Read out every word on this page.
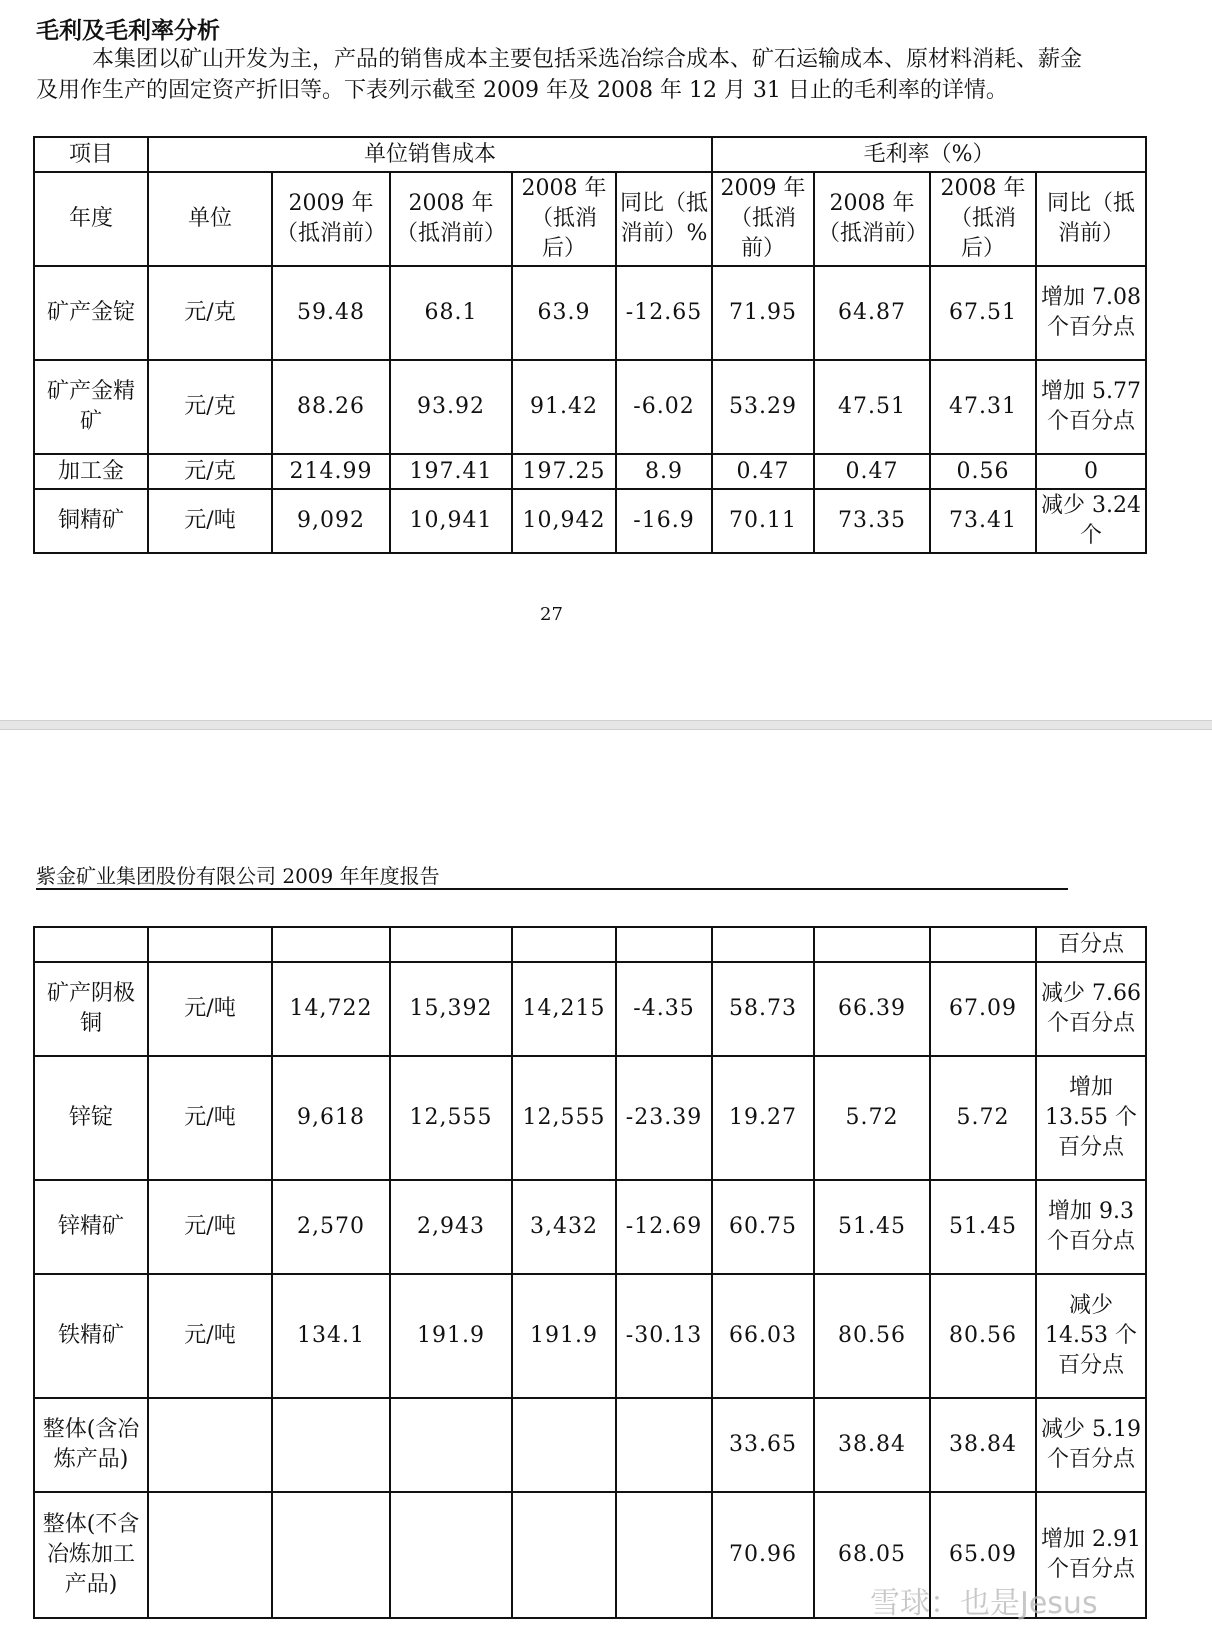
毛利及毛利率分析

本集团以矿山开发为主，产品的销售成本主要包括采选冶综合成本、矿石运输成本、原材料消耗、薪金及用作生产的固定资产折旧等。下表列示截至 2009 年及 2008 年 12 月 31 日止的毛利率的详情。

项目	单位销售成本					毛利率（%）			
年度	单位	2009 年（抵消前）	2008 年（抵消前）	2008 年（抵消后）	同比（抵消前）%	2009 年（抵消前）	2008 年（抵消前）	2008 年（抵消后）	同比（抵消前）
矿产金锭	元/克	59.48	68.1	63.9	-12.65	71.95	64.87	67.51	增加 7.08 个百分点
矿产金精矿	元/克	88.26	93.92	91.42	-6.02	53.29	47.51	47.31	增加 5.77 个百分点
加工金	元/克	214.99	197.41	197.25	8.9	0.47	0.47	0.56	0
铜精矿	元/吨	9,092	10,941	10,942	-16.9	70.11	73.35	73.41	减少 3.24 个
27
紫金矿业集团股份有限公司 2009 年年度报告
									百分点
矿产阴极铜	元/吨	14,722	15,392	14,215	-4.35	58.73	66.39	67.09	减少 7.66 个百分点
锌锭	元/吨	9,618	12,555	12,555	-23.39	19.27	5.72	5.72	增加 13.55 个百分点
锌精矿	元/吨	2,570	2,943	3,432	-12.69	60.75	51.45	51.45	增加 9.3 个百分点
铁精矿	元/吨	134.1	191.9	191.9	-30.13	66.03	80.56	80.56	减少 14.53 个百分点
整体(含冶炼产品)						33.65	38.84	38.84	减少 5.19 个百分点
整体(不含冶炼加工产品)						70.96	68.05	65.09	增加 2.91 个百分点
雪球：也是Jesus
